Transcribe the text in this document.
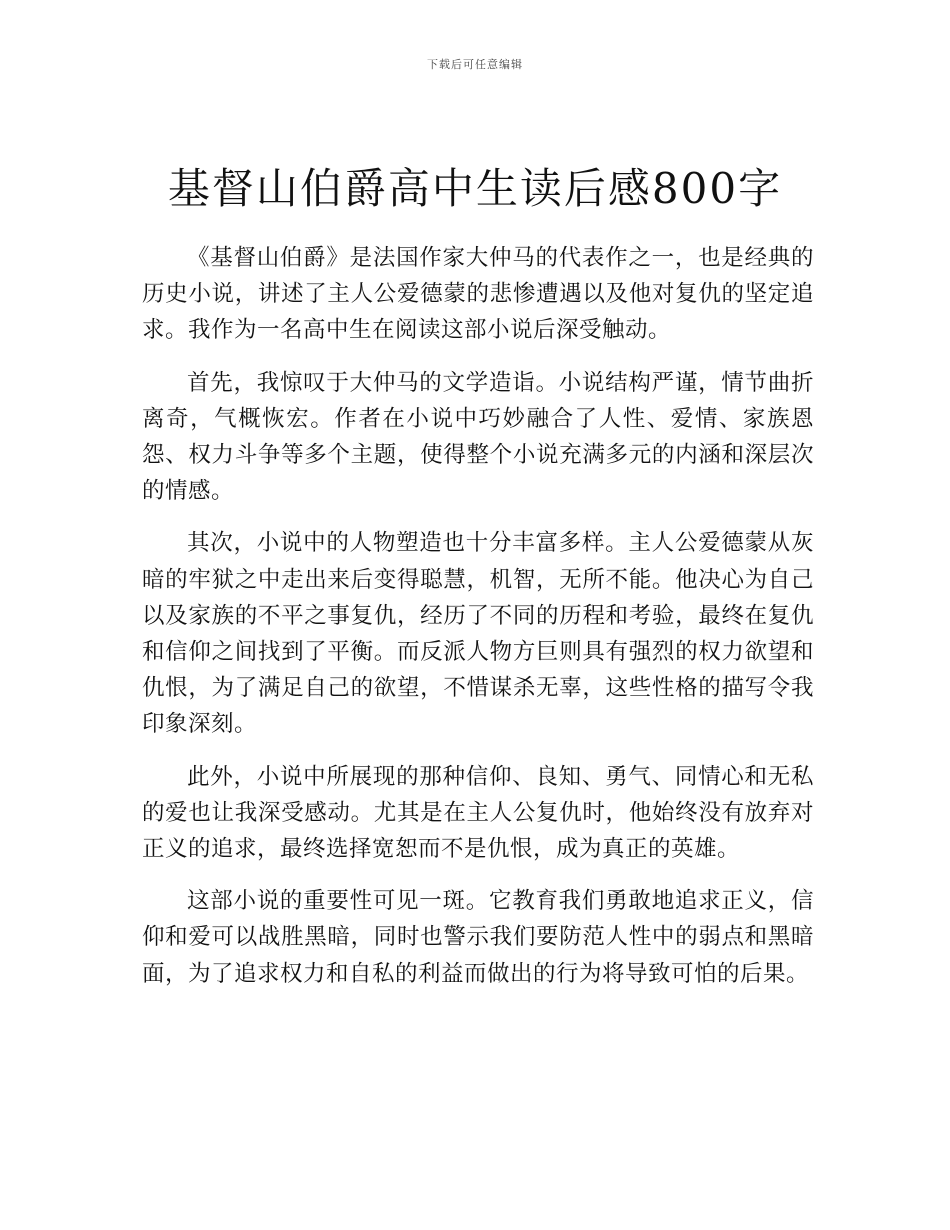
下载后可任意编辑
基督山伯爵高中生读后感800字

《基督山伯爵》是法国作家大仲马的代表作之一，也是经典的历史小说，讲述了主人公爱德蒙的悲惨遭遇以及他对复仇的坚定追求。我作为一名高中生在阅读这部小说后深受触动。

首先，我惊叹于大仲马的文学造诣。小说结构严谨，情节曲折离奇，气概恢宏。作者在小说中巧妙融合了人性、爱情、家族恩怨、权力斗争等多个主题，使得整个小说充满多元的内涵和深层次的情感。

其次，小说中的人物塑造也十分丰富多样。主人公爱德蒙从灰暗的牢狱之中走出来后变得聪慧，机智，无所不能。他决心为自己以及家族的不平之事复仇，经历了不同的历程和考验，最终在复仇和信仰之间找到了平衡。而反派人物方巨则具有强烈的权力欲望和仇恨，为了满足自己的欲望，不惜谋杀无辜，这些性格的描写令我印象深刻。

此外，小说中所展现的那种信仰、良知、勇气、同情心和无私的爱也让我深受感动。尤其是在主人公复仇时，他始终没有放弃对正义的追求，最终选择宽恕而不是仇恨，成为真正的英雄。

这部小说的重要性可见一斑。它教育我们勇敢地追求正义，信仰和爱可以战胜黑暗，同时也警示我们要防范人性中的弱点和黑暗面，为了追求权力和自私的利益而做出的行为将导致可怕的后果。
